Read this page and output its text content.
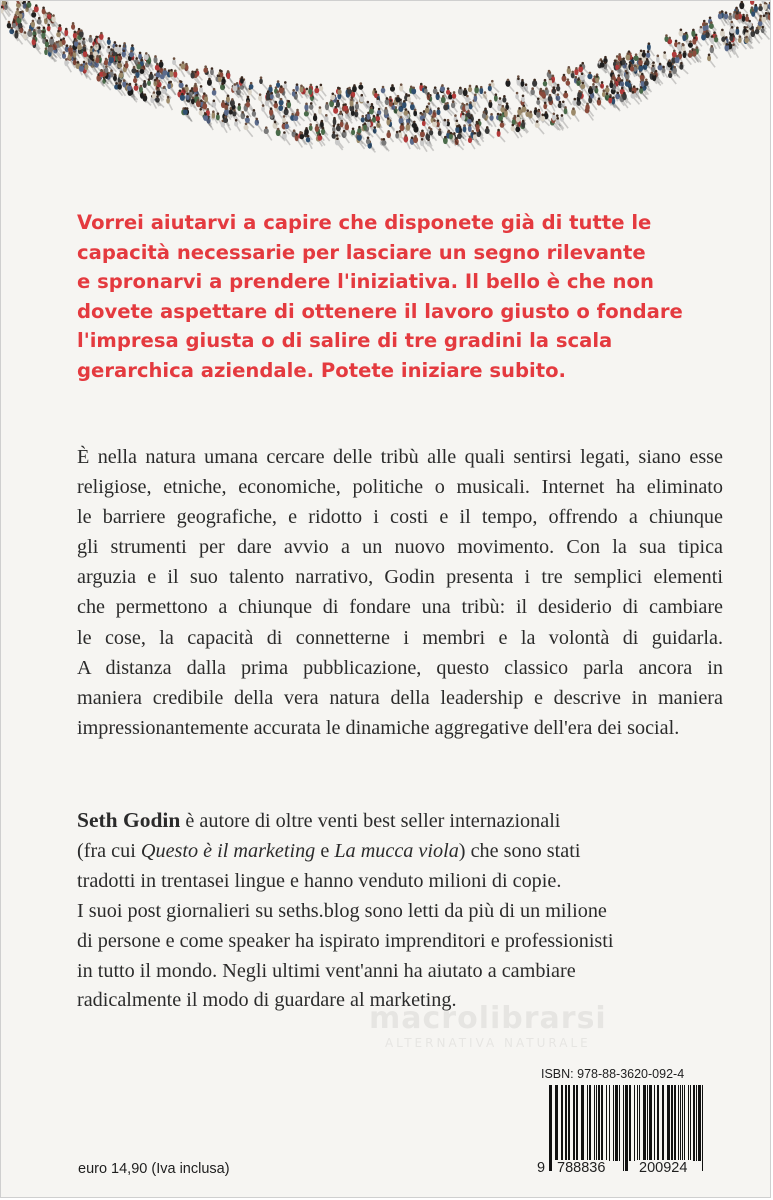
Vorrei aiutarvi a capire che disponete già di tutte le
capacità necessarie per lasciare un segno rilevante
e spronarvi a prendere l'iniziativa. Il bello è che non
dovete aspettare di ottenere il lavoro giusto o fondare
l'impresa giusta o di salire di tre gradini la scala
gerarchica aziendale. Potete iniziare subito.
È nella natura umana cercare delle tribù alle quali sentirsi legati, siano esse
religiose, etniche, economiche, politiche o musicali. Internet ha eliminato
le barriere geografiche, e ridotto i costi e il tempo, offrendo a chiunque
gli strumenti per dare avvio a un nuovo movimento. Con la sua tipica
arguzia e il suo talento narrativo, Godin presenta i tre semplici elementi
che permettono a chiunque di fondare una tribù: il desiderio di cambiare
le cose, la capacità di connetterne i membri e la volontà di guidarla.
A distanza dalla prima pubblicazione, questo classico parla ancora in
maniera credibile della vera natura della leadership e descrive in maniera
impressionantemente accurata le dinamiche aggregative dell'era dei social.
Seth Godin è autore di oltre venti best seller internazionali
(fra cui Questo è il marketing e La mucca viola) che sono stati
tradotti in trentasei lingue e hanno venduto milioni di copie.
I suoi post giornalieri su seths.blog sono letti da più di un milione
di persone e come speaker ha ispirato imprenditori e professionisti
in tutto il mondo. Negli ultimi vent'anni ha aiutato a cambiare
radicalmente il modo di guardare al marketing.
macrolibrarsi
ALTERNATIVA NATURALE
ISBN: 978-88-3620-092-4
9 788836 200924
euro 14,90 (Iva inclusa)
